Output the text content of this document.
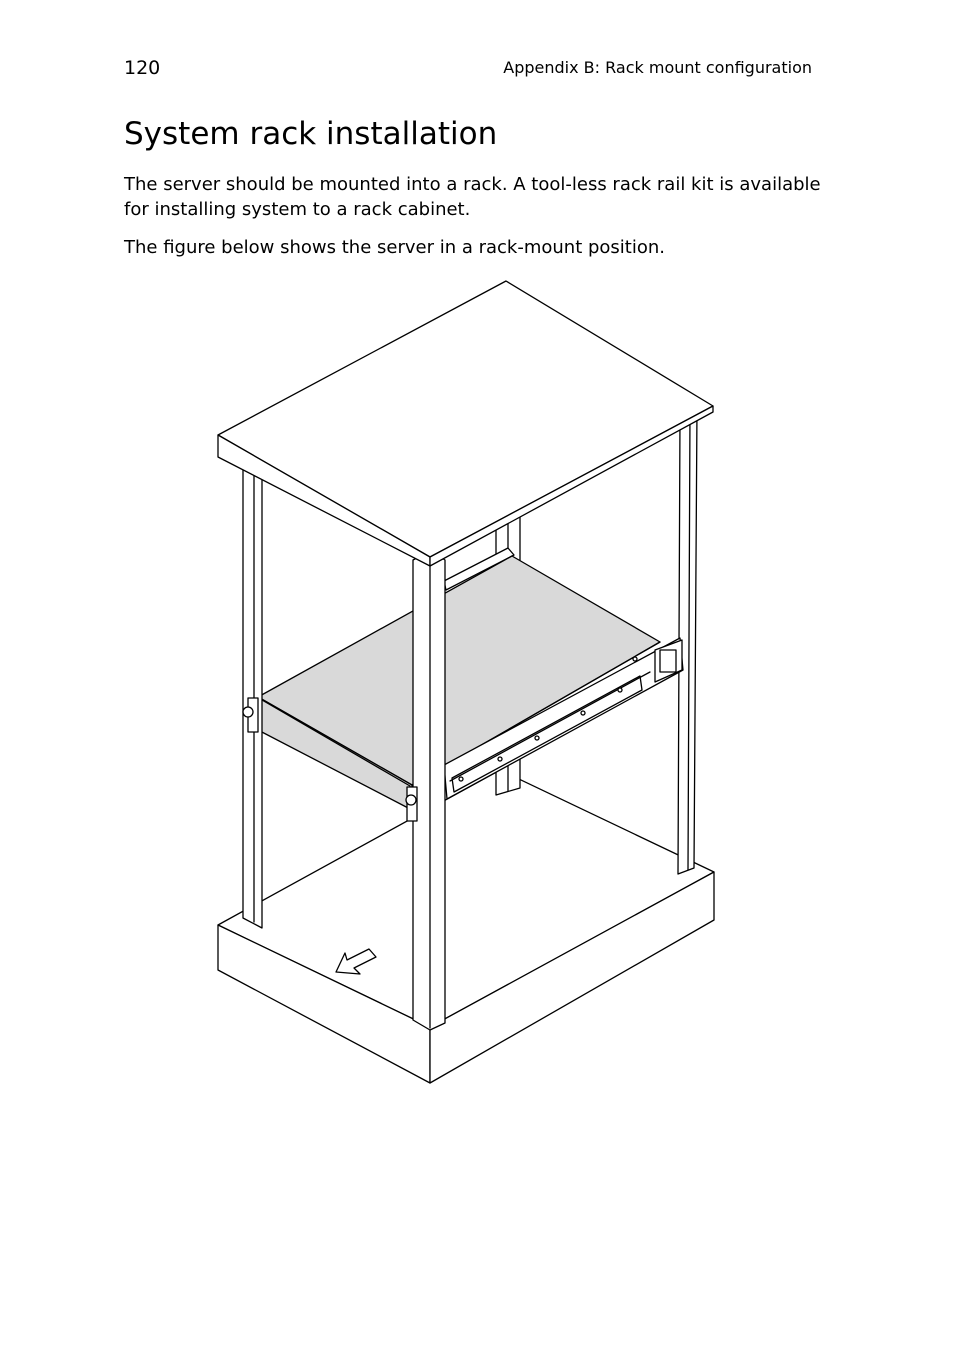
120	Appendix B: Rack mount configuration
System rack installation

The server should be mounted into a rack. A tool-less rack rail kit is available for installing system to a rack cabinet.

The figure below shows the server in a rack-mount position.
